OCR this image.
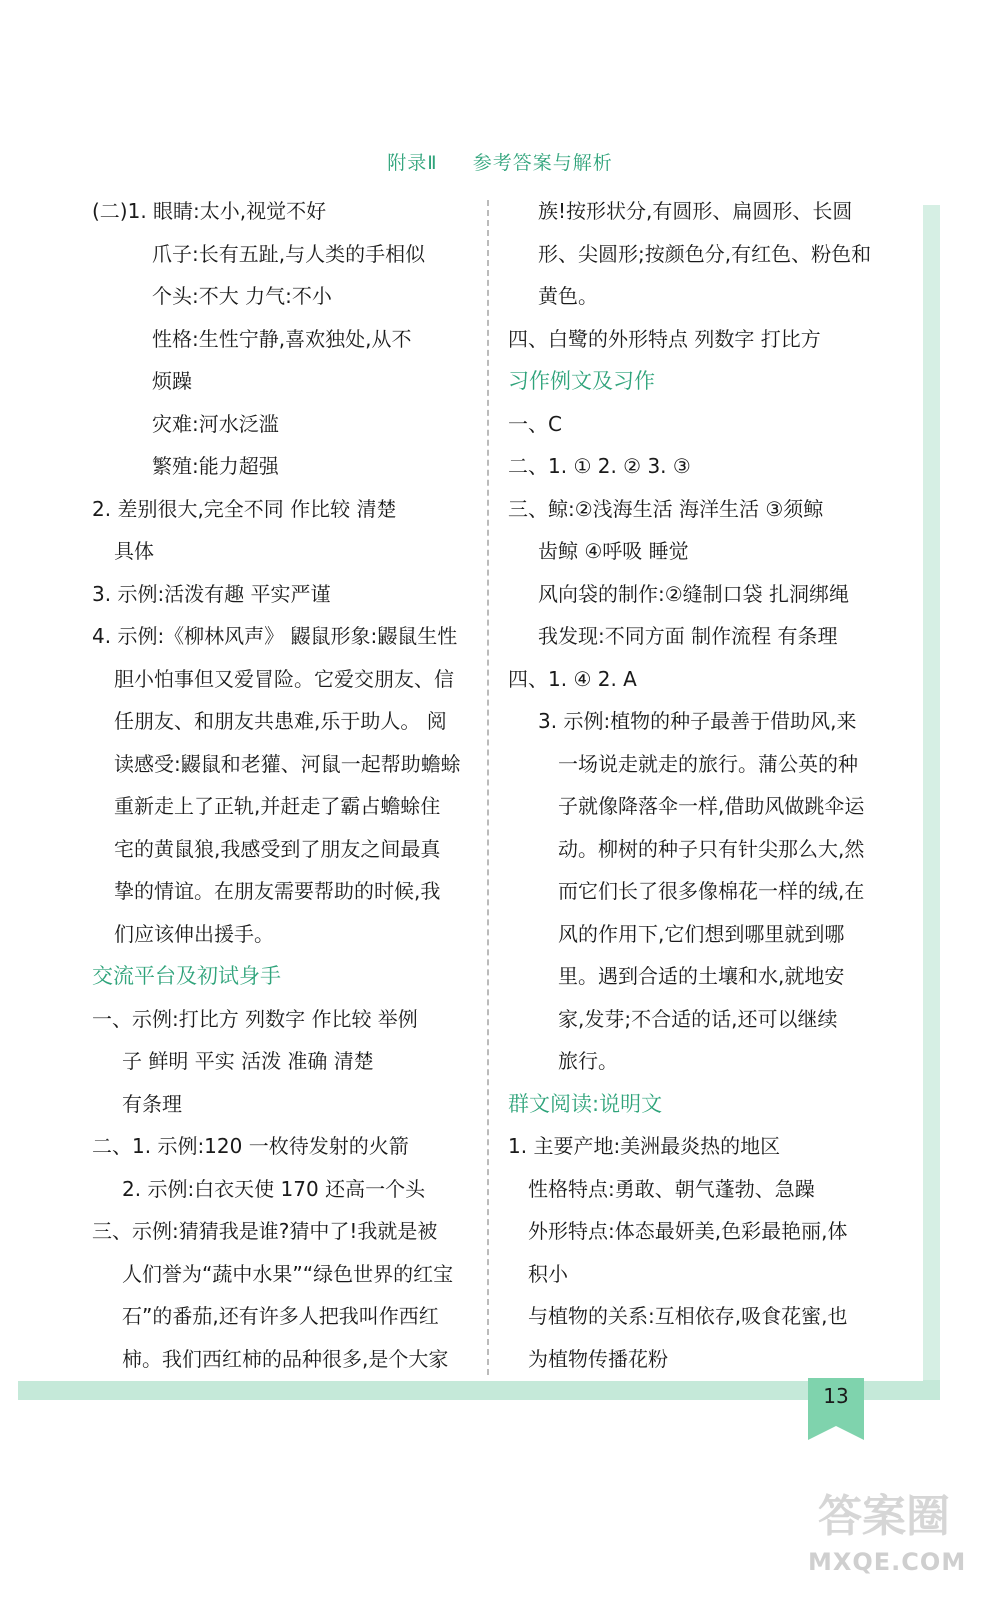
附录Ⅱ 参考答案与解析
(二)1. 眼睛:太小,视觉不好
爪子:长有五趾,与人类的手相似
个头:不大 力气:不小
性格:生性宁静,喜欢独处,从不
烦躁
灾难:河水泛滥
繁殖:能力超强
2. 差别很大,完全不同 作比较 清楚
具体
3. 示例:活泼有趣 平实严谨
4. 示例:《柳林风声》 鼹鼠形象:鼹鼠生性
胆小怕事但又爱冒险。它爱交朋友、信
任朋友、和朋友共患难,乐于助人。 阅
读感受:鼹鼠和老獾、河鼠一起帮助蟾蜍
重新走上了正轨,并赶走了霸占蟾蜍住
宅的黄鼠狼,我感受到了朋友之间最真
挚的情谊。在朋友需要帮助的时候,我
们应该伸出援手。
交流平台及初试身手
一、示例:打比方 列数字 作比较 举例
子 鲜明 平实 活泼 准确 清楚
有条理
二、1. 示例:120 一枚待发射的火箭
2. 示例:白衣天使 170 还高一个头
三、示例:猜猜我是谁?猜中了!我就是被
人们誉为“蔬中水果”“绿色世界的红宝
石”的番茄,还有许多人把我叫作西红
柿。我们西红柿的品种很多,是个大家
族!按形状分,有圆形、扁圆形、长圆
形、尖圆形;按颜色分,有红色、粉色和
黄色。
四、白鹭的外形特点 列数字 打比方
习作例文及习作
一、C
二、1. ① 2. ② 3. ③
三、鲸:②浅海生活 海洋生活 ③须鲸
齿鲸 ④呼吸 睡觉
风向袋的制作:②缝制口袋 扎洞绑绳
我发现:不同方面 制作流程 有条理
四、1. ④ 2. A
3. 示例:植物的种子最善于借助风,来
一场说走就走的旅行。蒲公英的种
子就像降落伞一样,借助风做跳伞运
动。柳树的种子只有针尖那么大,然
而它们长了很多像棉花一样的绒,在
风的作用下,它们想到哪里就到哪
里。遇到合适的土壤和水,就地安
家,发芽;不合适的话,还可以继续
旅行。
群文阅读:说明文
1. 主要产地:美洲最炎热的地区
性格特点:勇敢、朝气蓬勃、急躁
外形特点:体态最妍美,色彩最艳丽,体
积小
与植物的关系:互相依存,吸食花蜜,也
为植物传播花粉
13
答案圈
MXQE.COM
